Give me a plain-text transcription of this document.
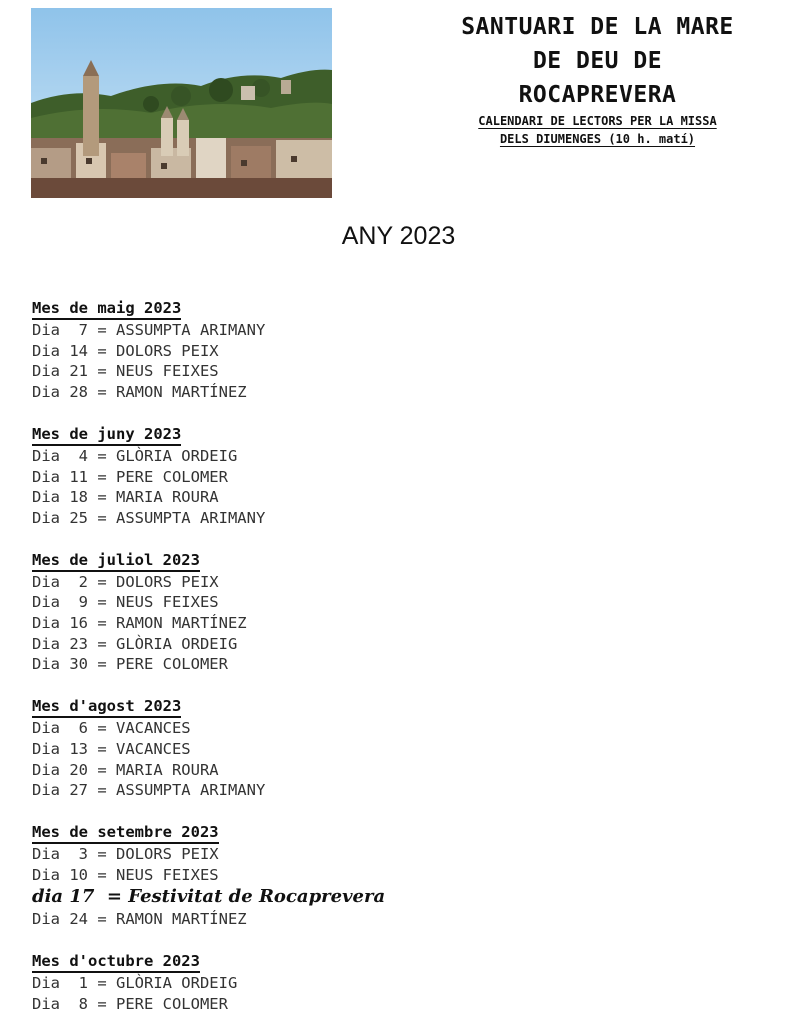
SANTUARI DE LA MARE
DE DEU DE
ROCAPREVERA
CALENDARI DE LECTORS PER LA MISSA
DELS DIUMENGES (10 h. matí)
ANY 2023
Mes de maig 2023
Dia  7 = ASSUMPTA ARIMANY
Dia 14 = DOLORS PEIX
Dia 21 = NEUS FEIXES
Dia 28 = RAMON MARTÍNEZ
Mes de juny 2023
Dia  4 = GLÒRIA ORDEIG
Dia 11 = PERE COLOMER
Dia 18 = MARIA ROURA
Dia 25 = ASSUMPTA ARIMANY
Mes de juliol 2023
Dia  2 = DOLORS PEIX
Dia  9 = NEUS FEIXES
Dia 16 = RAMON MARTÍNEZ
Dia 23 = GLÒRIA ORDEIG
Dia 30 = PERE COLOMER
Mes d'agost 2023
Dia  6 = VACANCES
Dia 13 = VACANCES
Dia 20 = MARIA ROURA
Dia 27 = ASSUMPTA ARIMANY
Mes de setembre 2023
Dia  3 = DOLORS PEIX
Dia 10 = NEUS FEIXES
dia 17  = Festivitat de Rocaprevera
Dia 24 = RAMON MARTÍNEZ
Mes d'octubre 2023
Dia  1 = GLÒRIA ORDEIG
Dia  8 = PERE COLOMER
